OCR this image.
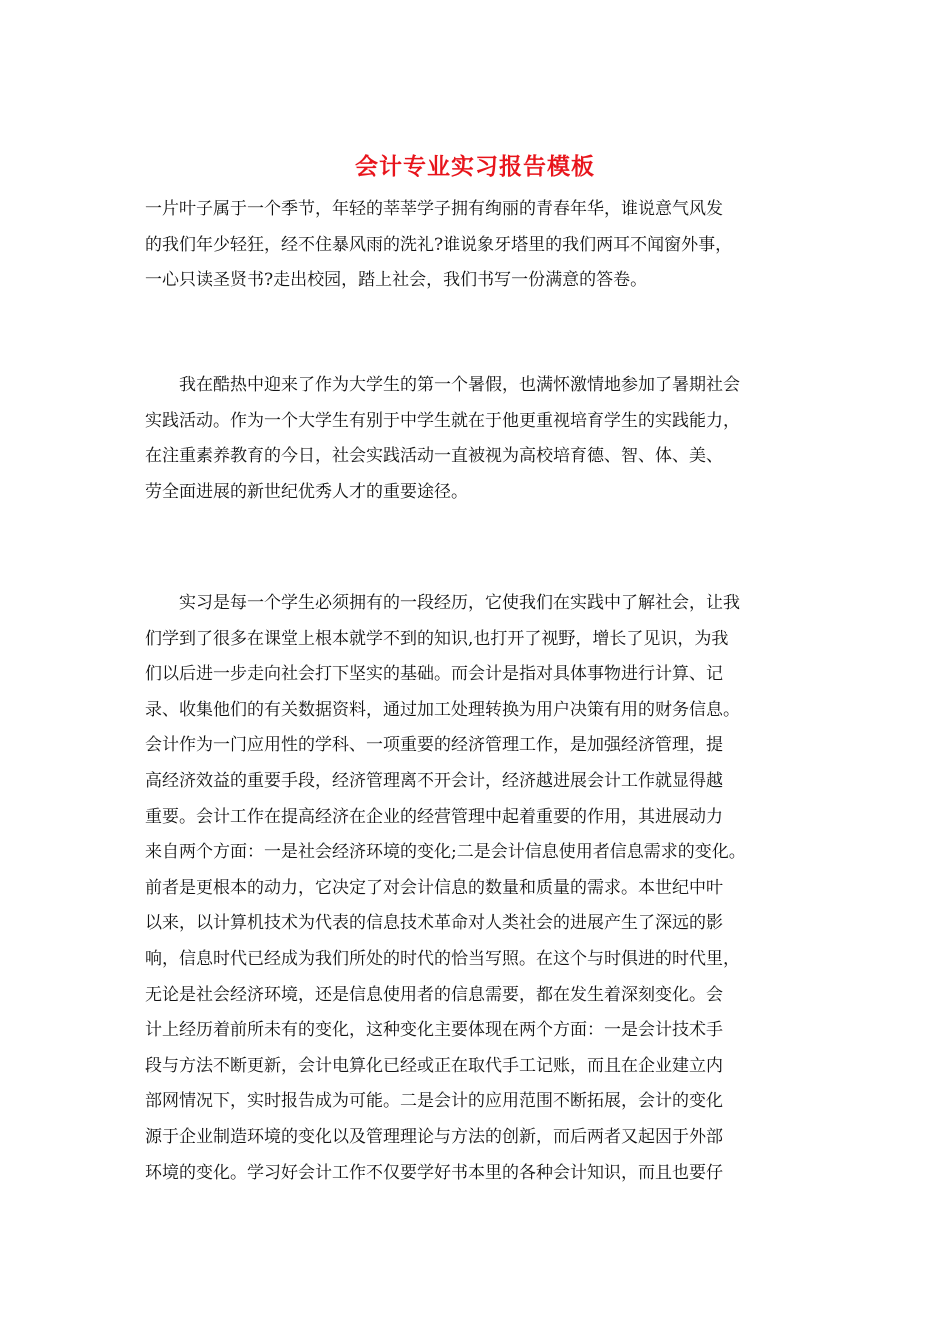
会计专业实习报告模板
一片叶子属于一个季节，年轻的莘莘学子拥有绚丽的青春年华，谁说意气风发
的我们年少轻狂，经不住暴风雨的洗礼?谁说象牙塔里的我们两耳不闻窗外事，
一心只读圣贤书?走出校园，踏上社会，我们书写一份满意的答卷。
我在酷热中迎来了作为大学生的第一个暑假，也满怀激情地参加了暑期社会
实践活动。作为一个大学生有别于中学生就在于他更重视培育学生的实践能力，
在注重素养教育的今日，社会实践活动一直被视为高校培育德、智、体、美、
劳全面进展的新世纪优秀人才的重要途径。
实习是每一个学生必须拥有的一段经历，它使我们在实践中了解社会，让我
们学到了很多在课堂上根本就学不到的知识,也打开了视野，增长了见识，为我
们以后进一步走向社会打下坚实的基础。而会计是指对具体事物进行计算、记
录、收集他们的有关数据资料，通过加工处理转换为用户决策有用的财务信息。
会计作为一门应用性的学科、一项重要的经济管理工作，是加强经济管理，提
高经济效益的重要手段，经济管理离不开会计，经济越进展会计工作就显得越
重要。会计工作在提高经济在企业的经营管理中起着重要的作用，其进展动力
来自两个方面：一是社会经济环境的变化;二是会计信息使用者信息需求的变化。
前者是更根本的动力，它决定了对会计信息的数量和质量的需求。本世纪中叶
以来，以计算机技术为代表的信息技术革命对人类社会的进展产生了深远的影
响，信息时代已经成为我们所处的时代的恰当写照。在这个与时俱进的时代里，
无论是社会经济环境，还是信息使用者的信息需要，都在发生着深刻变化。会
计上经历着前所未有的变化，这种变化主要体现在两个方面：一是会计技术手
段与方法不断更新，会计电算化已经或正在取代手工记账，而且在企业建立内
部网情况下，实时报告成为可能。二是会计的应用范围不断拓展，会计的变化
源于企业制造环境的变化以及管理理论与方法的创新，而后两者又起因于外部
环境的变化。学习好会计工作不仅要学好书本里的各种会计知识，而且也要仔
